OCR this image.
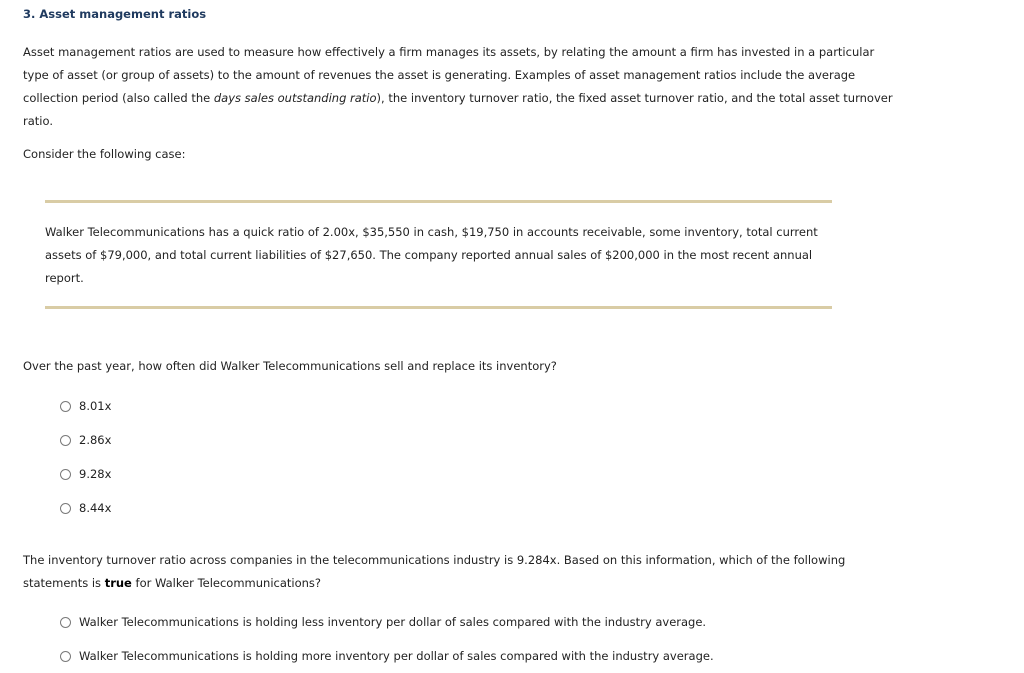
3. Asset management ratios
Asset management ratios are used to measure how effectively a firm manages its assets, by relating the amount a firm has invested in a particular type of asset (or group of assets) to the amount of revenues the asset is generating. Examples of asset management ratios include the average collection period (also called the days sales outstanding ratio), the inventory turnover ratio, the fixed asset turnover ratio, and the total asset turnover ratio.
Consider the following case:
Walker Telecommunications has a quick ratio of 2.00x, $35,550 in cash, $19,750 in accounts receivable, some inventory, total current assets of $79,000, and total current liabilities of $27,650. The company reported annual sales of $200,000 in the most recent annual report.
Over the past year, how often did Walker Telecommunications sell and replace its inventory?
8.01x
2.86x
9.28x
8.44x
The inventory turnover ratio across companies in the telecommunications industry is 9.284x. Based on this information, which of the following statements is true for Walker Telecommunications?
Walker Telecommunications is holding less inventory per dollar of sales compared with the industry average.
Walker Telecommunications is holding more inventory per dollar of sales compared with the industry average.
